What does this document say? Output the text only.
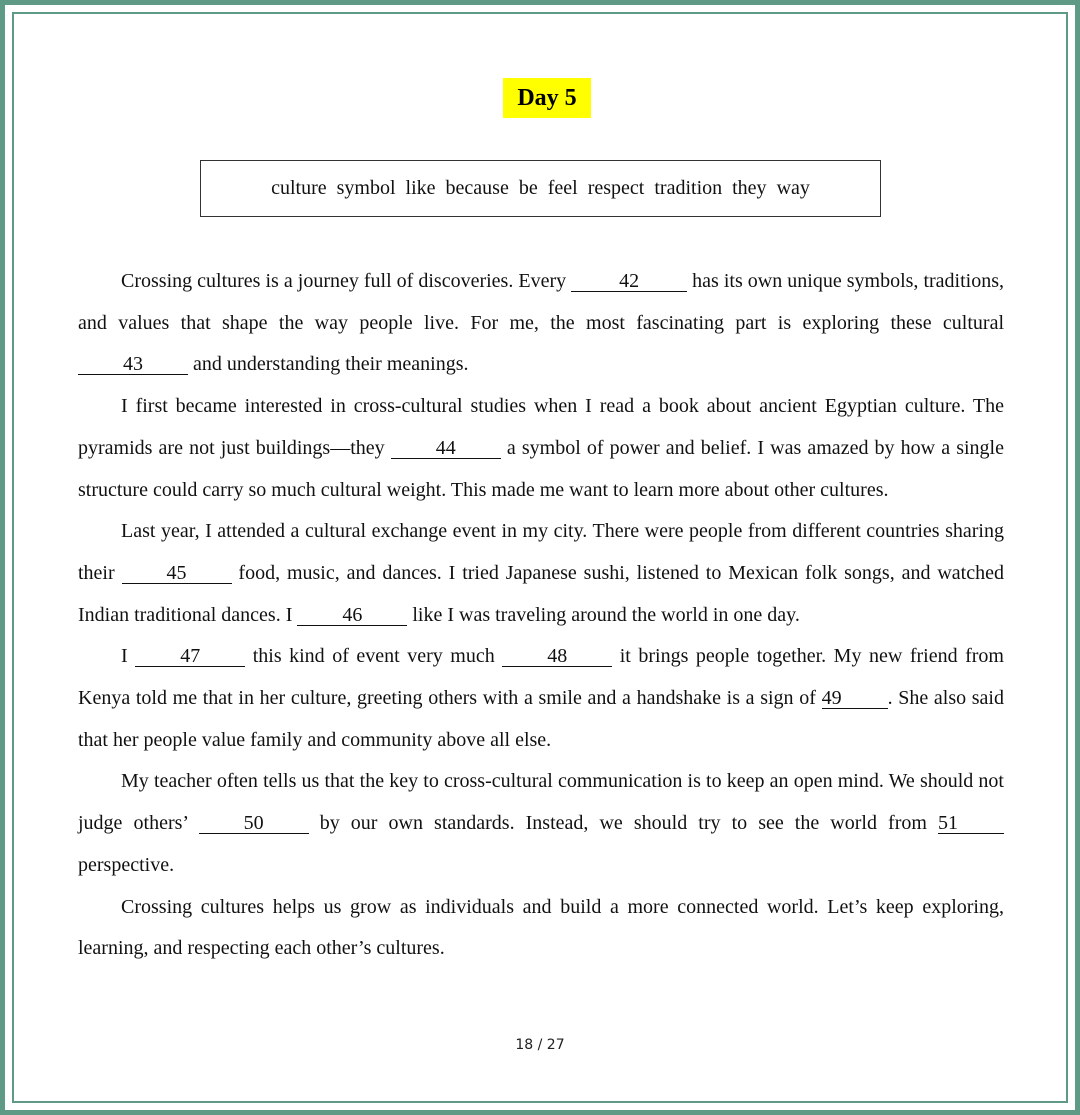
Day 5
culture symbol like because be feel respect tradition they way

Crossing cultures is a journey full of discoveries. Every 42 has its own unique symbols, traditions, and values that shape the way people live. For me, the most fascinating part is exploring these cultural 43 and understanding their meanings.

I first became interested in cross-cultural studies when I read a book about ancient Egyptian culture. The pyramids are not just buildings—they 44 a symbol of power and belief. I was amazed by how a single structure could carry so much cultural weight. This made me want to learn more about other cultures.

Last year, I attended a cultural exchange event in my city. There were people from different countries sharing their 45 food, music, and dances. I tried Japanese sushi, listened to Mexican folk songs, and watched Indian traditional dances. I 46 like I was traveling around the world in one day.

I 47 this kind of event very much 48 it brings people together. My new friend from Kenya told me that in her culture, greeting others with a smile and a handshake is a sign of 49 . She also said that her people value family and community above all else.

My teacher often tells us that the key to cross-cultural communication is to keep an open mind. We should not judge others’ 50 by our own standards. Instead, we should try to see the world from 51 perspective.

Crossing cultures helps us grow as individuals and build a more connected world. Let’s keep exploring, learning, and respecting each other’s cultures.

18 / 27
